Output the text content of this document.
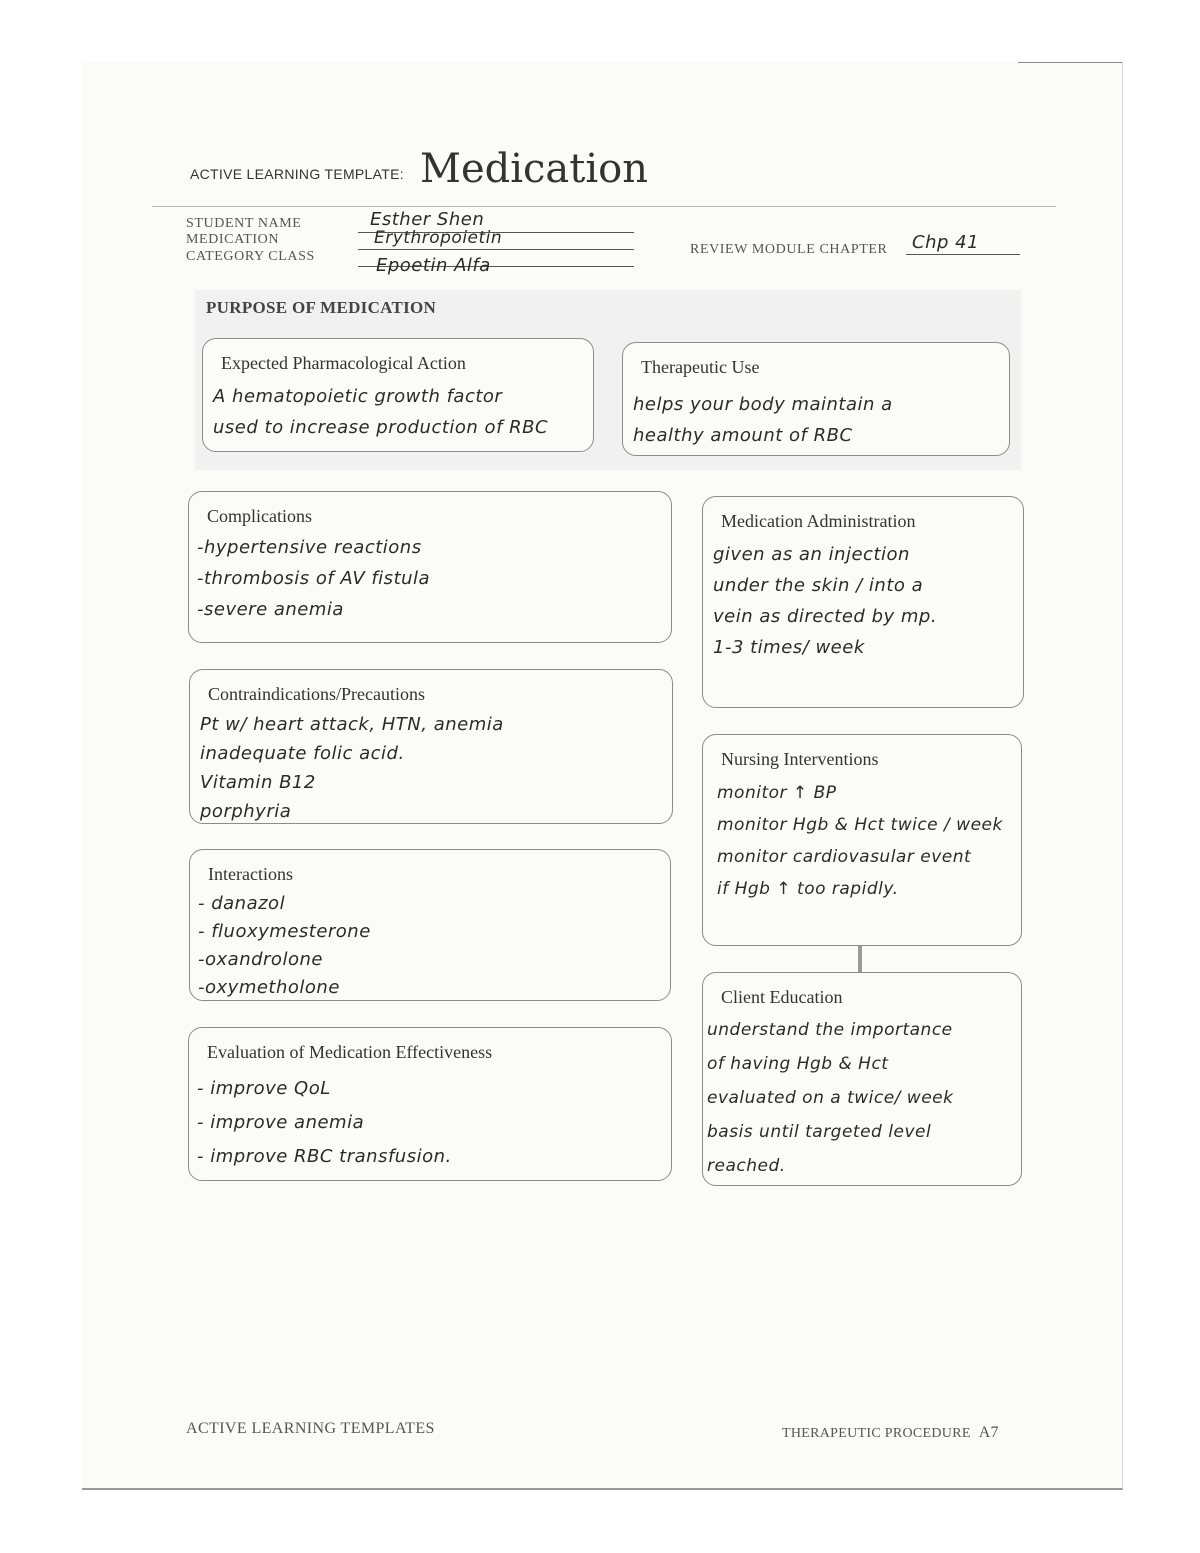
ACTIVE LEARNING TEMPLATE: Medication
STUDENT NAME
MEDICATION
CATEGORY CLASS
Esther Shen
Erythropoietin
Epoetin Alfa
REVIEW MODULE CHAPTER Chp 41
PURPOSE OF MEDICATION
Expected Pharmacological Action
A hematopoietic growth factor
used to increase production of RBC
Therapeutic Use
helps your body maintain a
healthy amount of RBC
Complications
-hypertensive reactions
-thrombosis of AV fistula
-severe anemia
Medication Administration
given as an injection
under the skin / into a
vein as directed by mp.
1-3 times/ week
Contraindications/Precautions
Pt w/ heart attack, HTN, anemia
inadequate folic acid.
Vitamin B12
porphyria
Nursing Interventions
monitor ↑ BP
monitor Hgb & Hct twice / week
monitor cardiovasular event
if Hgb ↑ too rapidly.
Interactions
- danazol
- fluoxymesterone
-oxandrolone
-oxymetholone	Client Education
understand the importance
of having Hgb & Hct
evaluated on a twice/ week
basis until targeted level
reached.
Evaluation of Medication Effectiveness
- improve QoL
- improve anemia
- improve RBC transfusion.
ACTIVE LEARNING TEMPLATES	THERAPEUTIC PROCEDURE A7
